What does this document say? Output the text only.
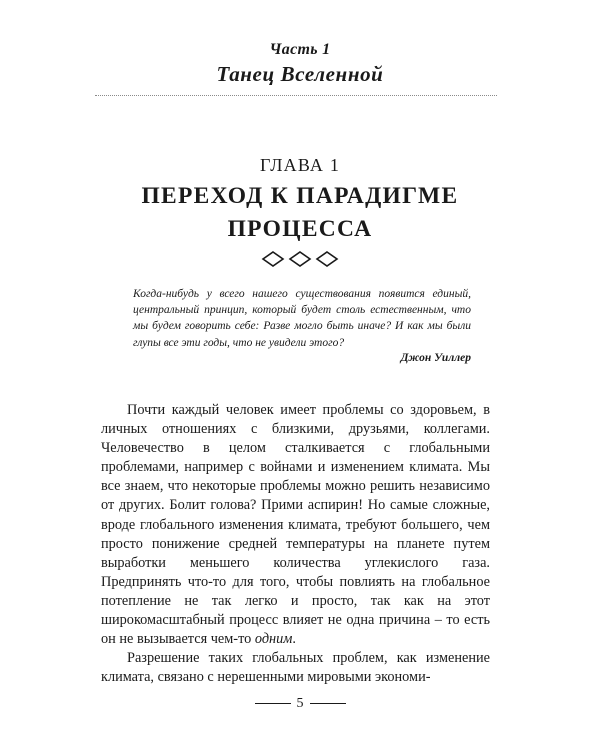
Часть 1
Танец Вселенной
ГЛАВА 1
ПЕРЕХОД К ПАРАДИГМЕ
ПРОЦЕССА
Когда-нибудь у всего нашего существования появится единый, центральный принцип, который будет столь естественным, что мы будем говорить себе: Разве могло быть иначе? И как мы были глупы все эти годы, что не увидели этого?
Джон Уиллер

Почти каждый человек имеет проблемы со здоровьем, в личных отношениях с близкими, друзьями, коллегами. Человечество в целом сталкивается с глобальными проблемами, например с войнами и изменением климата. Мы все знаем, что некоторые проблемы можно решить независимо от других. Болит голова? Прими аспирин! Но самые сложные, вроде глобального изменения климата, требуют большего, чем просто понижение средней температуры на планете путем выработки меньшего количества углекислого газа. Предпринять что-то для того, чтобы повлиять на глобальное потепление не так легко и просто, так как на этот широкомасштабный процесс влияет не одна причина – то есть он не вызывается чем-то одним.

Разрешение таких глобальных проблем, как изменение климата, связано с нерешенными мировыми экономи-

5
